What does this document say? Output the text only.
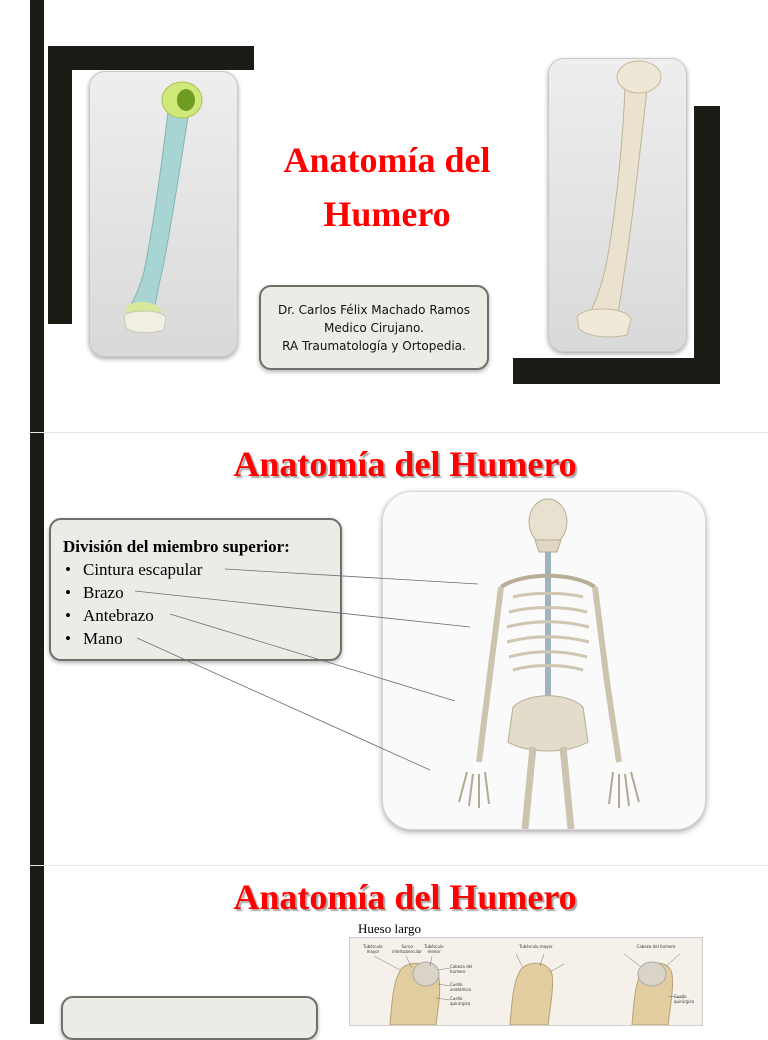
Anatomía del
Humero
Dr. Carlos Félix Machado Ramos
Medico Cirujano.
RA Traumatología y Ortopedia.
Anatomía del Humero
División del miembro superior:
• Cintura escapular
• Brazo
• Antebrazo
• Mano
Anatomía del Humero
Hueso largo
Tubérculo mayor
Surco intertubercular
Tubérculo menor
Cabeza del húmero
Cuello anatómico
Cuello quirúrgico
Tubérculo mayor	Cabeza del húmero
Cuello quirúrgico
